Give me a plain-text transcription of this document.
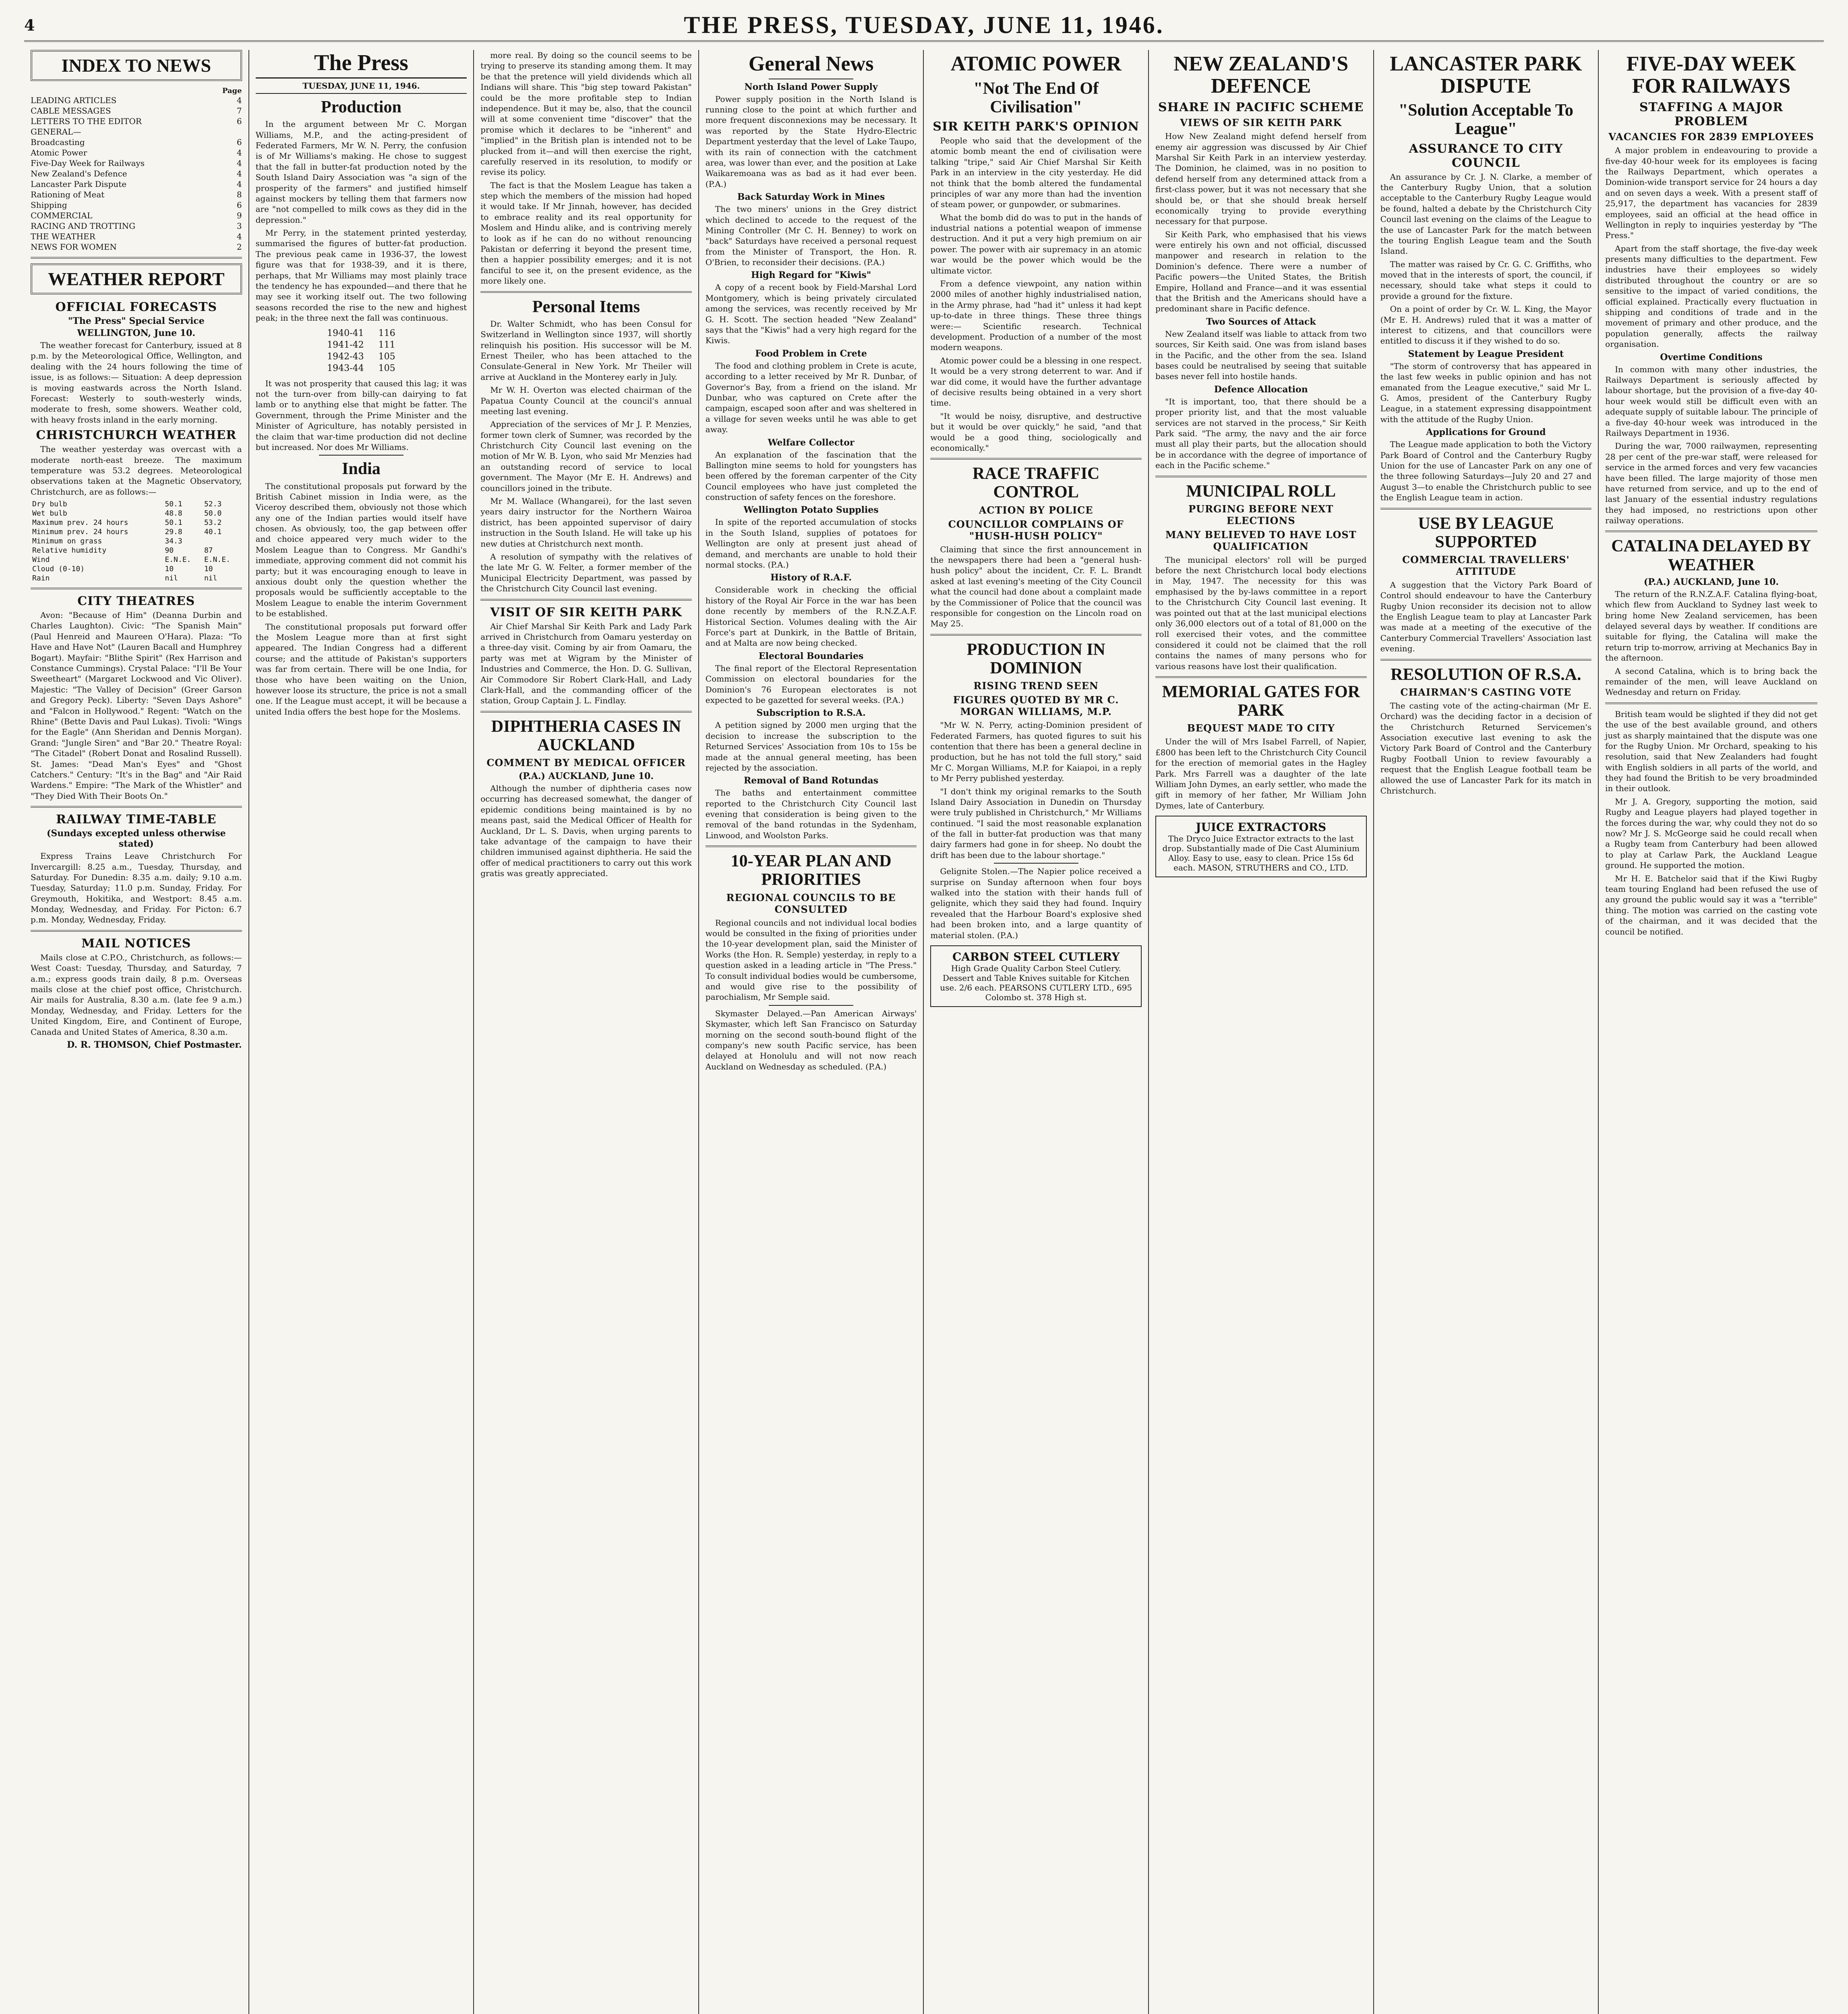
4	THE PRESS, TUESDAY, JUNE 11, 1946.
INDEX TO NEWS
Page
LEADING ARTICLES	4
CABLE MESSAGES	7
LETTERS TO THE EDITOR	6
GENERAL—
Broadcasting	6
Atomic Power	4
Five-Day Week for Railways	4
New Zealand's Defence	4
Lancaster Park Dispute	4
Rationing of Meat	8
Shipping	6
COMMERCIAL	9
RACING AND TROTTING	3
THE WEATHER	4
NEWS FOR WOMEN	2
WEATHER REPORT
OFFICIAL FORECASTS
"The Press" Special Service
WELLINGTON, June 10.

The weather forecast for Canterbury, issued at 8 p.m. by the Meteorological Office, Wellington, and dealing with the 24 hours following the time of issue, is as follows:— Situation: A deep depression is moving eastwards across the North Island. Forecast: Westerly to south-westerly winds, moderate to fresh, some showers. Weather cold, with heavy frosts inland in the early morning.

CHRISTCHURCH WEATHER

The weather yesterday was overcast with a moderate north-east breeze. The maximum temperature was 53.2 degrees. Meteorological observations taken at the Magnetic Observatory, Christchurch, are as follows:—

Dry bulb	50.1	52.3
Wet bulb	48.8	50.0
Maximum prev. 24 hours	50.1	53.2
Minimum prev. 24 hours	29.8	40.1
Minimum on grass	34.3	
Relative humidity	90	87
Wind	E.N.E.	E.N.E.
Cloud (0-10)	10	10
Rain	nil	nil
CITY THEATRES

Avon: "Because of Him" (Deanna Durbin and Charles Laughton). Civic: "The Spanish Main" (Paul Henreid and Maureen O'Hara). Plaza: "To Have and Have Not" (Lauren Bacall and Humphrey Bogart). Mayfair: "Blithe Spirit" (Rex Harrison and Constance Cummings). Crystal Palace: "I'll Be Your Sweetheart" (Margaret Lockwood and Vic Oliver). Majestic: "The Valley of Decision" (Greer Garson and Gregory Peck). Liberty: "Seven Days Ashore" and "Falcon in Hollywood." Regent: "Watch on the Rhine" (Bette Davis and Paul Lukas). Tivoli: "Wings for the Eagle" (Ann Sheridan and Dennis Morgan). Grand: "Jungle Siren" and "Bar 20." Theatre Royal: "The Citadel" (Robert Donat and Rosalind Russell). St. James: "Dead Man's Eyes" and "Ghost Catchers." Century: "It's in the Bag" and "Air Raid Wardens." Empire: "The Mark of the Whistler" and "They Died With Their Boots On."

RAILWAY TIME-TABLE
(Sundays excepted unless otherwise stated)

Express Trains Leave Christchurch For Invercargill: 8.25 a.m., Tuesday, Thursday, and Saturday. For Dunedin: 8.35 a.m. daily; 9.10 a.m. Tuesday, Saturday; 11.0 p.m. Sunday, Friday. For Greymouth, Hokitika, and Westport: 8.45 a.m. Monday, Wednesday, and Friday. For Picton: 6.7 p.m. Monday, Wednesday, Friday.

MAIL NOTICES

Mails close at C.P.O., Christchurch, as follows:— West Coast: Tuesday, Thursday, and Saturday, 7 a.m.; express goods train daily, 8 p.m. Overseas mails close at the chief post office, Christchurch. Air mails for Australia, 8.30 a.m. (late fee 9 a.m.) Monday, Wednesday, and Friday. Letters for the United Kingdom, Eire, and Continent of Europe, Canada and United States of America, 8.30 a.m.

D. R. THOMSON, Chief Postmaster.
The Press
TUESDAY, JUNE 11, 1946.
Production

In the argument between Mr C. Morgan Williams, M.P., and the acting-president of Federated Farmers, Mr W. N. Perry, the confusion is of Mr Williams's making. He chose to suggest that the fall in butter-fat production noted by the South Island Dairy Association was "a sign of the prosperity of the farmers" and justified himself against mockers by telling them that farmers now are "not compelled to milk cows as they did in the depression."

Mr Perry, in the statement printed yesterday, summarised the figures of butter-fat production. The previous peak came in 1936-37, the lowest figure was that for 1938-39, and it is there, perhaps, that Mr Williams may most plainly trace the tendency he has expounded—and there that he may see it working itself out. The two following seasons recorded the rise to the new and highest peak; in the three next the fall was continuous.

1940-41	116
1941-42	111
1942-43	105
1943-44	105

It was not prosperity that caused this lag; it was not the turn-over from billy-can dairying to fat lamb or to anything else that might be fatter. The Government, through the Prime Minister and the Minister of Agriculture, has notably persisted in the claim that war-time production did not decline but increased. Nor does Mr Williams.

India

The constitutional proposals put forward by the British Cabinet mission in India were, as the Viceroy described them, obviously not those which any one of the Indian parties would itself have chosen. As obviously, too, the gap between offer and choice appeared very much wider to the Moslem League than to Congress. Mr Gandhi's immediate, approving comment did not commit his party; but it was encouraging enough to leave in anxious doubt only the question whether the proposals would be sufficiently acceptable to the Moslem League to enable the interim Government to be established.

The constitutional proposals put forward offer the Moslem League more than at first sight appeared. The Indian Congress had a different course; and the attitude of Pakistan's supporters was far from certain. There will be one India, for those who have been waiting on the Union, however loose its structure, the price is not a small one. If the League must accept, it will be because a united India offers the best hope for the Moslems.

more real. By doing so the council seems to be trying to preserve its standing among them. It may be that the pretence will yield dividends which all Indians will share. This "big step toward Pakistan" could be the more profitable step to Indian independence. But it may be, also, that the council will at some convenient time "discover" that the promise which it declares to be "inherent" and "implied" in the British plan is intended not to be plucked from it—and will then exercise the right, carefully reserved in its resolution, to modify or revise its policy.

The fact is that the Moslem League has taken a step which the members of the mission had hoped it would take. If Mr Jinnah, however, has decided to embrace reality and its real opportunity for Moslem and Hindu alike, and is contriving merely to look as if he can do no without renouncing Pakistan or deferring it beyond the present time, then a happier possibility emerges; and it is not fanciful to see it, on the present evidence, as the more likely one.

Personal Items

Dr. Walter Schmidt, who has been Consul for Switzerland in Wellington since 1937, will shortly relinquish his position. His successor will be M. Ernest Theiler, who has been attached to the Consulate-General in New York. Mr Theiler will arrive at Auckland in the Monterey early in July.

Mr W. H. Overton was elected chairman of the Papatua County Council at the council's annual meeting last evening.

Appreciation of the services of Mr J. P. Menzies, former town clerk of Sumner, was recorded by the Christchurch City Council last evening on the motion of Mr W. B. Lyon, who said Mr Menzies had an outstanding record of service to local government. The Mayor (Mr E. H. Andrews) and councillors joined in the tribute.

Mr M. Wallace (Whangarei), for the last seven years dairy instructor for the Northern Wairoa district, has been appointed supervisor of dairy instruction in the South Island. He will take up his new duties at Christchurch next month.

A resolution of sympathy with the relatives of the late Mr G. W. Felter, a former member of the Municipal Electricity Department, was passed by the Christchurch City Council last evening.

VISIT OF SIR KEITH PARK

Air Chief Marshal Sir Keith Park and Lady Park arrived in Christchurch from Oamaru yesterday on a three-day visit. Coming by air from Oamaru, the party was met at Wigram by the Minister of Industries and Commerce, the Hon. D. G. Sullivan, Air Commodore Sir Robert Clark-Hall, and Lady Clark-Hall, and the commanding officer of the station, Group Captain J. L. Findlay.

DIPHTHERIA CASES IN AUCKLAND
COMMENT BY MEDICAL OFFICER
(P.A.) AUCKLAND, June 10.

Although the number of diphtheria cases now occurring has decreased somewhat, the danger of epidemic conditions being maintained is by no means past, said the Medical Officer of Health for Auckland, Dr L. S. Davis, when urging parents to take advantage of the campaign to have their children immunised against diphtheria. He said the offer of medical practitioners to carry out this work gratis was greatly appreciated.

General News
North Island Power Supply

Power supply position in the North Island is running close to the point at which further and more frequent disconnexions may be necessary. It was reported by the State Hydro-Electric Department yesterday that the level of Lake Taupo, with its rain of connection with the catchment area, was lower than ever, and the position at Lake Waikaremoana was as bad as it had ever been. (P.A.)

Back Saturday Work in Mines

The two miners' unions in the Grey district which declined to accede to the request of the Mining Controller (Mr C. H. Benney) to work on "back" Saturdays have received a personal request from the Minister of Transport, the Hon. R. O'Brien, to reconsider their decisions. (P.A.)

High Regard for "Kiwis"

A copy of a recent book by Field-Marshal Lord Montgomery, which is being privately circulated among the services, was recently received by Mr G. H. Scott. The section headed "New Zealand" says that the "Kiwis" had a very high regard for the Kiwis.

Food Problem in Crete

The food and clothing problem in Crete is acute, according to a letter received by Mr R. Dunbar, of Governor's Bay, from a friend on the island. Mr Dunbar, who was captured on Crete after the campaign, escaped soon after and was sheltered in a village for seven weeks until he was able to get away.

Welfare Collector

An explanation of the fascination that the Ballington mine seems to hold for youngsters has been offered by the foreman carpenter of the City Council employees who have just completed the construction of safety fences on the foreshore.

Wellington Potato Supplies

In spite of the reported accumulation of stocks in the South Island, supplies of potatoes for Wellington are only at present just ahead of demand, and merchants are unable to hold their normal stocks. (P.A.)

History of R.A.F.

Considerable work in checking the official history of the Royal Air Force in the war has been done recently by members of the R.N.Z.A.F. Historical Section. Volumes dealing with the Air Force's part at Dunkirk, in the Battle of Britain, and at Malta are now being checked.

Electoral Boundaries

The final report of the Electoral Representation Commission on electoral boundaries for the Dominion's 76 European electorates is not expected to be gazetted for several weeks. (P.A.)

Subscription to R.S.A.

A petition signed by 2000 men urging that the decision to increase the subscription to the Returned Services' Association from 10s to 15s be made at the annual general meeting, has been rejected by the association.

Removal of Band Rotundas

The baths and entertainment committee reported to the Christchurch City Council last evening that consideration is being given to the removal of the band rotundas in the Sydenham, Linwood, and Woolston Parks.

10-YEAR PLAN AND PRIORITIES
REGIONAL COUNCILS TO BE CONSULTED

Regional councils and not individual local bodies would be consulted in the fixing of priorities under the 10-year development plan, said the Minister of Works (the Hon. R. Semple) yesterday, in reply to a question asked in a leading article in "The Press." To consult individual bodies would be cumbersome, and would give rise to the possibility of parochialism, Mr Semple said.

Skymaster Delayed.—Pan American Airways' Skymaster, which left San Francisco on Saturday morning on the second south-bound flight of the company's new south Pacific service, has been delayed at Honolulu and will not now reach Auckland on Wednesday as scheduled. (P.A.)

ATOMIC POWER
"Not The End Of Civilisation"
SIR KEITH PARK'S OPINION

People who said that the development of the atomic bomb meant the end of civilisation were talking "tripe," said Air Chief Marshal Sir Keith Park in an interview in the city yesterday. He did not think that the bomb altered the fundamental principles of war any more than had the invention of steam power, or gunpowder, or submarines.

What the bomb did do was to put in the hands of industrial nations a potential weapon of immense destruction. And it put a very high premium on air power. The power with air supremacy in an atomic war would be the power which would be the ultimate victor.

From a defence viewpoint, any nation within 2000 miles of another highly industrialised nation, in the Army phrase, had "had it" unless it had kept up-to-date in three things. These three things were:— Scientific research. Technical development. Production of a number of the most modern weapons.

Atomic power could be a blessing in one respect. It would be a very strong deterrent to war. And if war did come, it would have the further advantage of decisive results being obtained in a very short time.

"It would be noisy, disruptive, and destructive but it would be over quickly," he said, "and that would be a good thing, sociologically and economically."

RACE TRAFFIC CONTROL
ACTION BY POLICE
COUNCILLOR COMPLAINS OF "HUSH-HUSH POLICY"

Claiming that since the first announcement in the newspapers there had been a "general hush-hush policy" about the incident, Cr. F. L. Brandt asked at last evening's meeting of the City Council what the council had done about a complaint made by the Commissioner of Police that the council was responsible for congestion on the Lincoln road on May 25.

PRODUCTION IN DOMINION
RISING TREND SEEN
FIGURES QUOTED BY MR C. MORGAN WILLIAMS, M.P.

"Mr W. N. Perry, acting-Dominion president of Federated Farmers, has quoted figures to suit his contention that there has been a general decline in production, but he has not told the full story," said Mr C. Morgan Williams, M.P. for Kaiapoi, in a reply to Mr Perry published yesterday.

"I don't think my original remarks to the South Island Dairy Association in Dunedin on Thursday were truly published in Christchurch," Mr Williams continued. "I said the most reasonable explanation of the fall in butter-fat production was that many dairy farmers had gone in for sheep. No doubt the drift has been due to the labour shortage."

Gelignite Stolen.—The Napier police received a surprise on Sunday afternoon when four boys walked into the station with their hands full of gelignite, which they said they had found. Inquiry revealed that the Harbour Board's explosive shed had been broken into, and a large quantity of material stolen. (P.A.)

CARBON STEEL CUTLERY
High Grade Quality Carbon Steel Cutlery. Dessert and Table Knives suitable for Kitchen use. 2/6 each. PEARSONS CUTLERY LTD., 695 Colombo st. 378 High st.
NEW ZEALAND'S DEFENCE
SHARE IN PACIFIC SCHEME
VIEWS OF SIR KEITH PARK

How New Zealand might defend herself from enemy air aggression was discussed by Air Chief Marshal Sir Keith Park in an interview yesterday. The Dominion, he claimed, was in no position to defend herself from any determined attack from a first-class power, but it was not necessary that she should be, or that she should break herself economically trying to provide everything necessary for that purpose.

Sir Keith Park, who emphasised that his views were entirely his own and not official, discussed manpower and research in relation to the Dominion's defence. There were a number of Pacific powers—the United States, the British Empire, Holland and France—and it was essential that the British and the Americans should have a predominant share in Pacific defence.

Two Sources of Attack

New Zealand itself was liable to attack from two sources, Sir Keith said. One was from island bases in the Pacific, and the other from the sea. Island bases could be neutralised by seeing that suitable bases never fell into hostile hands.

Defence Allocation

"It is important, too, that there should be a proper priority list, and that the most valuable services are not starved in the process," Sir Keith Park said. "The army, the navy and the air force must all play their parts, but the allocation should be in accordance with the degree of importance of each in the Pacific scheme."

MUNICIPAL ROLL
PURGING BEFORE NEXT ELECTIONS
MANY BELIEVED TO HAVE LOST QUALIFICATION

The municipal electors' roll will be purged before the next Christchurch local body elections in May, 1947. The necessity for this was emphasised by the by-laws committee in a report to the Christchurch City Council last evening. It was pointed out that at the last municipal elections only 36,000 electors out of a total of 81,000 on the roll exercised their votes, and the committee considered it could not be claimed that the roll contains the names of many persons who for various reasons have lost their qualification.

MEMORIAL GATES FOR PARK
BEQUEST MADE TO CITY

Under the will of Mrs Isabel Farrell, of Napier, £800 has been left to the Christchurch City Council for the erection of memorial gates in the Hagley Park. Mrs Farrell was a daughter of the late William John Dymes, an early settler, who made the gift in memory of her father, Mr William John Dymes, late of Canterbury.

JUICE EXTRACTORS
The Dryco Juice Extractor extracts to the last drop. Substantially made of Die Cast Aluminium Alloy. Easy to use, easy to clean. Price 15s 6d each. MASON, STRUTHERS and CO., LTD.
LANCASTER PARK DISPUTE
"Solution Acceptable To League"
ASSURANCE TO CITY COUNCIL

An assurance by Cr. J. N. Clarke, a member of the Canterbury Rugby Union, that a solution acceptable to the Canterbury Rugby League would be found, halted a debate by the Christchurch City Council last evening on the claims of the League to the use of Lancaster Park for the match between the touring English League team and the South Island.

The matter was raised by Cr. G. C. Griffiths, who moved that in the interests of sport, the council, if necessary, should take what steps it could to provide a ground for the fixture.

On a point of order by Cr. W. L. King, the Mayor (Mr E. H. Andrews) ruled that it was a matter of interest to citizens, and that councillors were entitled to discuss it if they wished to do so.

Statement by League President

"The storm of controversy that has appeared in the last few weeks in public opinion and has not emanated from the League executive," said Mr L. G. Amos, president of the Canterbury Rugby League, in a statement expressing disappointment with the attitude of the Rugby Union.

Applications for Ground

The League made application to both the Victory Park Board of Control and the Canterbury Rugby Union for the use of Lancaster Park on any one of the three following Saturdays—July 20 and 27 and August 3—to enable the Christchurch public to see the English League team in action.

USE BY LEAGUE SUPPORTED
COMMERCIAL TRAVELLERS' ATTITUDE

A suggestion that the Victory Park Board of Control should endeavour to have the Canterbury Rugby Union reconsider its decision not to allow the English League team to play at Lancaster Park was made at a meeting of the executive of the Canterbury Commercial Travellers' Association last evening.

RESOLUTION OF R.S.A.
CHAIRMAN'S CASTING VOTE

The casting vote of the acting-chairman (Mr E. Orchard) was the deciding factor in a decision of the Christchurch Returned Servicemen's Association executive last evening to ask the Victory Park Board of Control and the Canterbury Rugby Football Union to review favourably a request that the English League football team be allowed the use of Lancaster Park for its match in Christchurch.

FIVE-DAY WEEK FOR RAILWAYS
STAFFING A MAJOR PROBLEM
VACANCIES FOR 2839 EMPLOYEES

A major problem in endeavouring to provide a five-day 40-hour week for its employees is facing the Railways Department, which operates a Dominion-wide transport service for 24 hours a day and on seven days a week. With a present staff of 25,917, the department has vacancies for 2839 employees, said an official at the head office in Wellington in reply to inquiries yesterday by "The Press."

Apart from the staff shortage, the five-day week presents many difficulties to the department. Few industries have their employees so widely distributed throughout the country or are so sensitive to the impact of varied conditions, the official explained. Practically every fluctuation in shipping and conditions of trade and in the movement of primary and other produce, and the population generally, affects the railway organisation.

Overtime Conditions

In common with many other industries, the Railways Department is seriously affected by labour shortage, but the provision of a five-day 40-hour week would still be difficult even with an adequate supply of suitable labour. The principle of a five-day 40-hour week was introduced in the Railways Department in 1936.

During the war, 7000 railwaymen, representing 28 per cent of the pre-war staff, were released for service in the armed forces and very few vacancies have been filled. The large majority of those men have returned from service, and up to the end of last January of the essential industry regulations they had imposed, no restrictions upon other railway operations.

CATALINA DELAYED BY WEATHER
(P.A.) AUCKLAND, June 10.

The return of the R.N.Z.A.F. Catalina flying-boat, which flew from Auckland to Sydney last week to bring home New Zealand servicemen, has been delayed several days by weather. If conditions are suitable for flying, the Catalina will make the return trip to-morrow, arriving at Mechanics Bay in the afternoon.

A second Catalina, which is to bring back the remainder of the men, will leave Auckland on Wednesday and return on Friday.

British team would be slighted if they did not get the use of the best available ground, and others just as sharply maintained that the dispute was one for the Rugby Union. Mr Orchard, speaking to his resolution, said that New Zealanders had fought with English soldiers in all parts of the world, and they had found the British to be very broadminded in their outlook.

Mr J. A. Gregory, supporting the motion, said Rugby and League players had played together in the forces during the war, why could they not do so now? Mr J. S. McGeorge said he could recall when a Rugby team from Canterbury had been allowed to play at Carlaw Park, the Auckland League ground. He supported the motion.

Mr H. E. Batchelor said that if the Kiwi Rugby team touring England had been refused the use of any ground the public would say it was a "terrible" thing. The motion was carried on the casting vote of the chairman, and it was decided that the council be notified.
